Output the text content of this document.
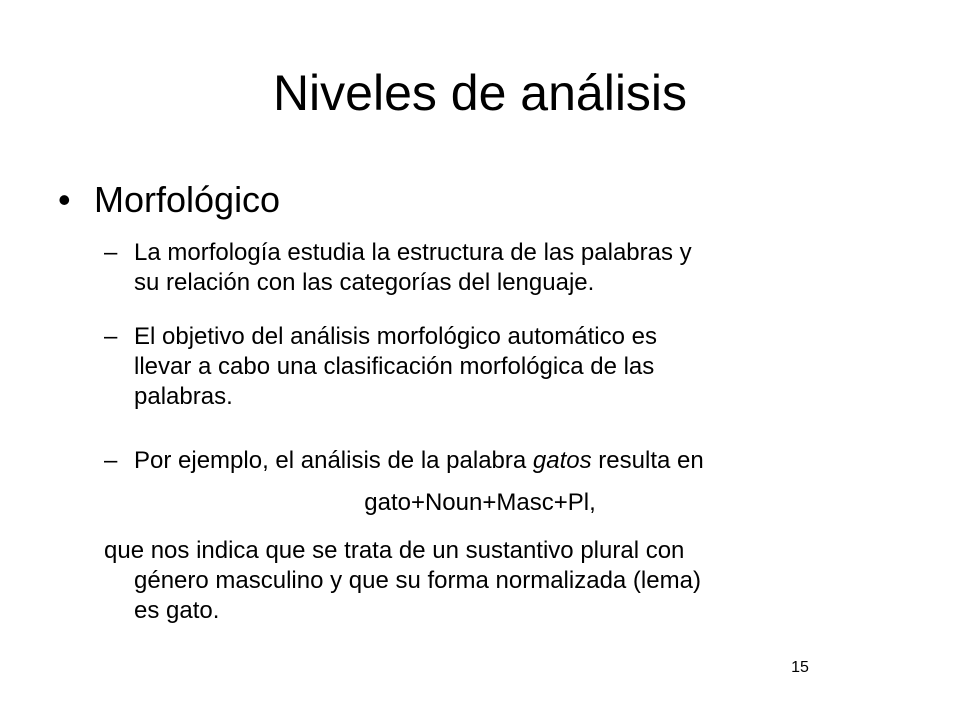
Niveles de análisis
• Morfológico
– La morfología estudia la estructura de las palabras y
su relación con las categorías del lenguaje.
– El objetivo del análisis morfológico automático es
llevar a cabo una clasificación morfológica de las
palabras.
– Por ejemplo, el análisis de la palabra gatos resulta en
gato+Noun+Masc+Pl,
que nos indica que se trata de un sustantivo plural con
género masculino y que su forma normalizada (lema)
es gato.
15
